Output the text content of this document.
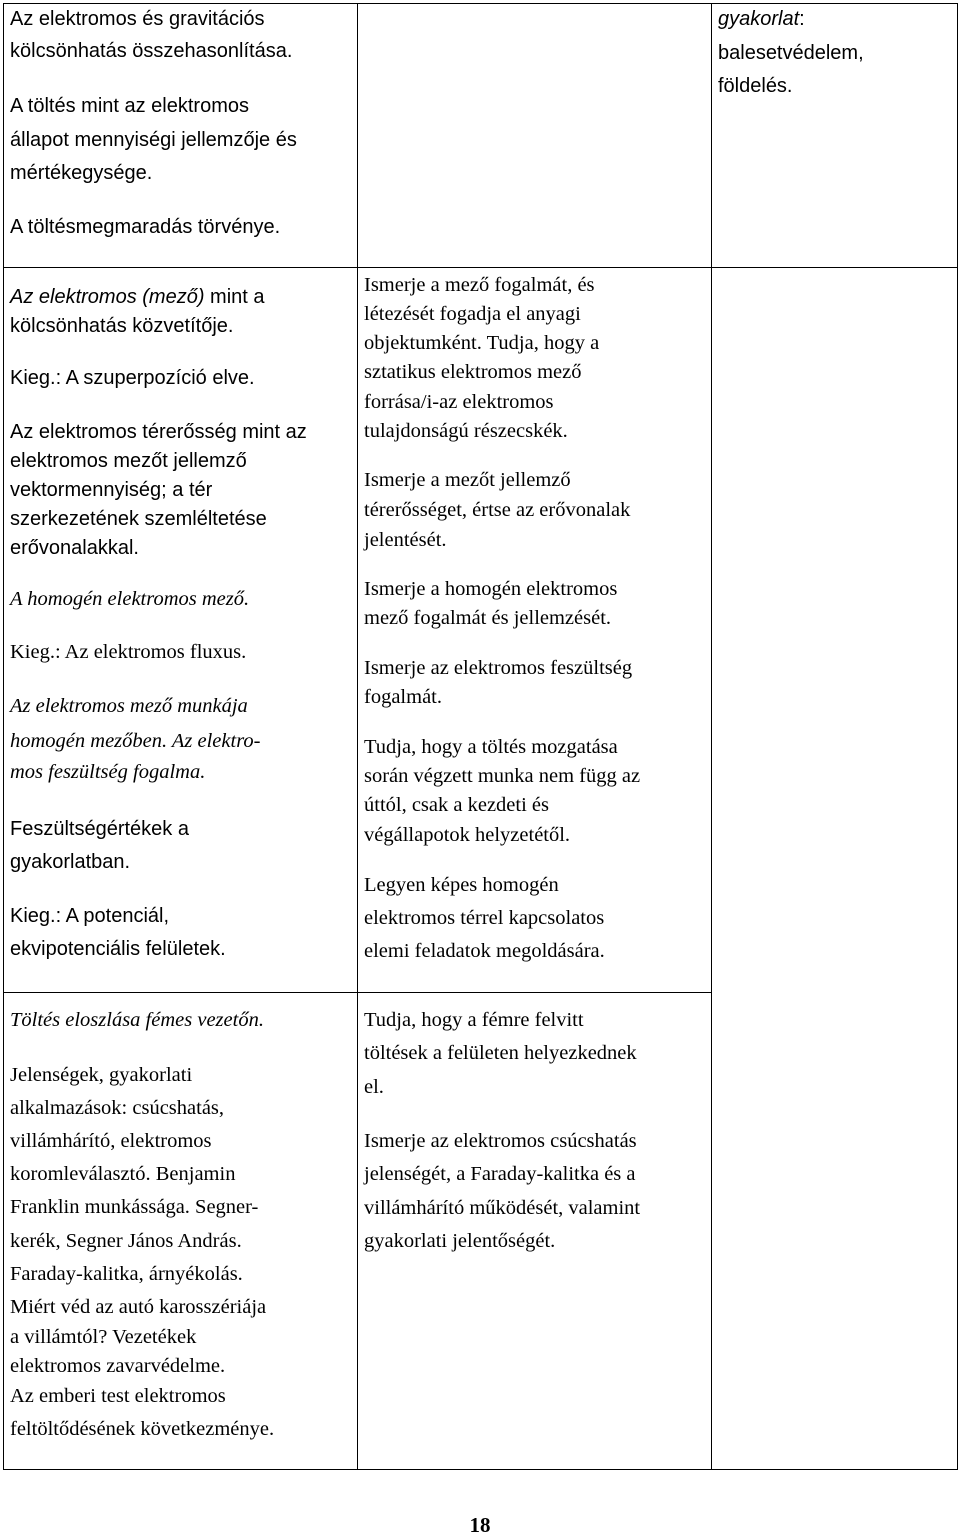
Az elektromos és gravitációs

kölcsönhatás összehasonlítása.

A töltés mint az elektromos

állapot mennyiségi jellemzője és

mértékegysége.

A töltésmegmaradás törvénye.

gyakorlat:

balesetvédelem,

földelés.

Az elektromos (mező) mint a

kölcsönhatás közvetítője.

Kieg.: A szuperpozíció elve.

Az elektromos térerősség mint az

elektromos mezőt jellemző

vektormennyiség; a tér

szerkezetének szemléltetése

erővonalakkal.

A homogén elektromos mező.

Kieg.: Az elektromos fluxus.

Az elektromos mező munkája

homogén mezőben. Az elektro-

mos feszültség fogalma.

Feszültségértékek a

gyakorlatban.

Kieg.: A potenciál,

ekvipotenciális felületek.

Ismerje a mező fogalmát, és

létezését fogadja el anyagi

objektumként. Tudja, hogy a

sztatikus elektromos mező

forrása/i-az elektromos

tulajdonságú részecskék.

Ismerje a mezőt jellemző

térerősséget, értse az erővonalak

jelentését.

Ismerje a homogén elektromos

mező fogalmát és jellemzését.

Ismerje az elektromos feszültség

fogalmát.

Tudja, hogy a töltés mozgatása

során végzett munka nem függ az

úttól, csak a kezdeti és

végállapotok helyzetétől.

Legyen képes homogén

elektromos térrel kapcsolatos

elemi feladatok megoldására.

Töltés eloszlása fémes vezetőn.

Jelenségek, gyakorlati

alkalmazások: csúcshatás,

villámhárító, elektromos

koromleválasztó. Benjamin

Franklin munkássága. Segner-

kerék, Segner János András.

Faraday-kalitka, árnyékolás.

Miért véd az autó karosszériája

a villámtól? Vezetékek

elektromos zavarvédelme.

Az emberi test elektromos

feltöltődésének következménye.

Tudja, hogy a fémre felvitt

töltések a felületen helyezkednek

el.

Ismerje az elektromos csúcshatás

jelenségét, a Faraday-kalitka és a

villámhárító működését, valamint

gyakorlati jelentőségét.

18
